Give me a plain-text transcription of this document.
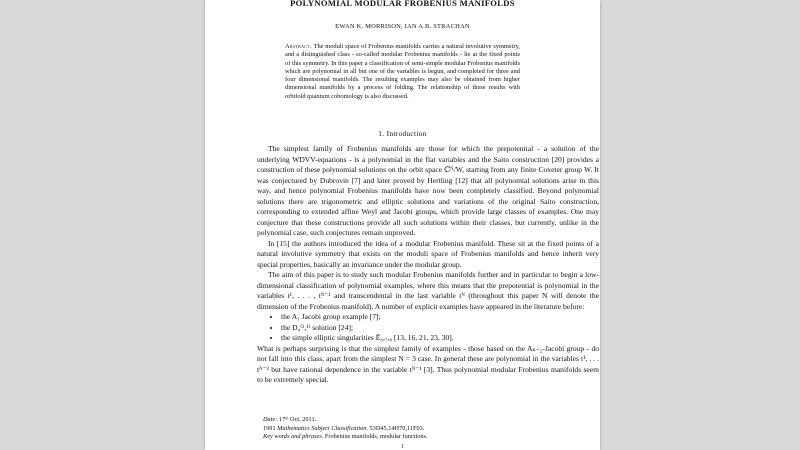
POLYNOMIAL MODULAR FROBENIUS MANIFOLDS
EWAN K. MORRISON, IAN A.B. STRACHAN
Abstract. The moduli space of Frobenius manifolds carries a natural involutive symmetry, and a distinguished class - so-called modular Frobenius manifolds - lie at the fixed points of this symmetry. In this paper a classification of semi-simple modular Frobenius manifolds which are polynomial in all but one of the variables is begun, and completed for three and four dimensional manifolds. The resulting examples may also be obtained from higher dimensional manifolds by a process of folding. The relationship of these results with orbifold quantum cohomology is also discussed.
1. Introduction

The simplest family of Frobenius manifolds are those for which the prepotential - a solution of the underlying WDVV-equations - is a polynomial in the flat variables and the Saito construction [20] provides a construction of these polynomial solutions on the orbit space ℂᴺ/W, starting from any finite Coxeter group W. It was conjectured by Dubrovin [7] and later proved by Hertling [12] that all polynomial solutions arise in this way, and hence polynomial Frobenius manifolds have now been completely classified. Beyond polynomial solutions there are trigonometric and elliptic solutions and variations of the original Saito construction, corresponding to extended affine Weyl and Jacobi groups, which provide large classes of examples. One may conjecture that these constructions provide all such solutions within their classes, but currently, unlike in the polynomial case, such conjectures remain unproved.

In [15] the authors introduced the idea of a modular Frobenius manifold. These sit at the fixed points of a natural involutive symmetry that exists on the moduli space of Frobenius manifolds and hence inherit very special properties, basically an invariance under the modular group.

The aim of this paper is to study such modular Frobenius manifolds further and in particular to begin a low-dimensional classification of polynomial examples, where this means that the prepotential is polynomial in the variables t¹, . . . , tᴺ⁻¹ and transcendental in the last variable tᴺ (throughout this paper N will denote the dimension of the Frobenius manifold). A number of explicit examples have appeared in the literature before:

• the A₁ Jacobi group example [7];
• the D₄⁽¹,¹⁾ solution [24];
• the simple elliptic singularities Ẽ₆,₇,₈ [13, 16, 21, 23, 30].

What is perhaps surprising is that the simplest family of examples - those based on the Aₙ₋₂-Jacobi group - do not fall into this class, apart from the simplest N = 3 case. In general these are polynomial in the variables t¹, . . . tᴺ⁻² but have rational dependence in the variable tᴺ⁻¹ [3]. Thus polynomial modular Frobenius manifolds seem to be extremely special.

Date: 17ᵗʰ Oct. 2011.
1991 Mathematics Subject Classification. 53D45,14H70,11F03.
Key words and phrases. Frobenius manifolds, modular functions.
1
